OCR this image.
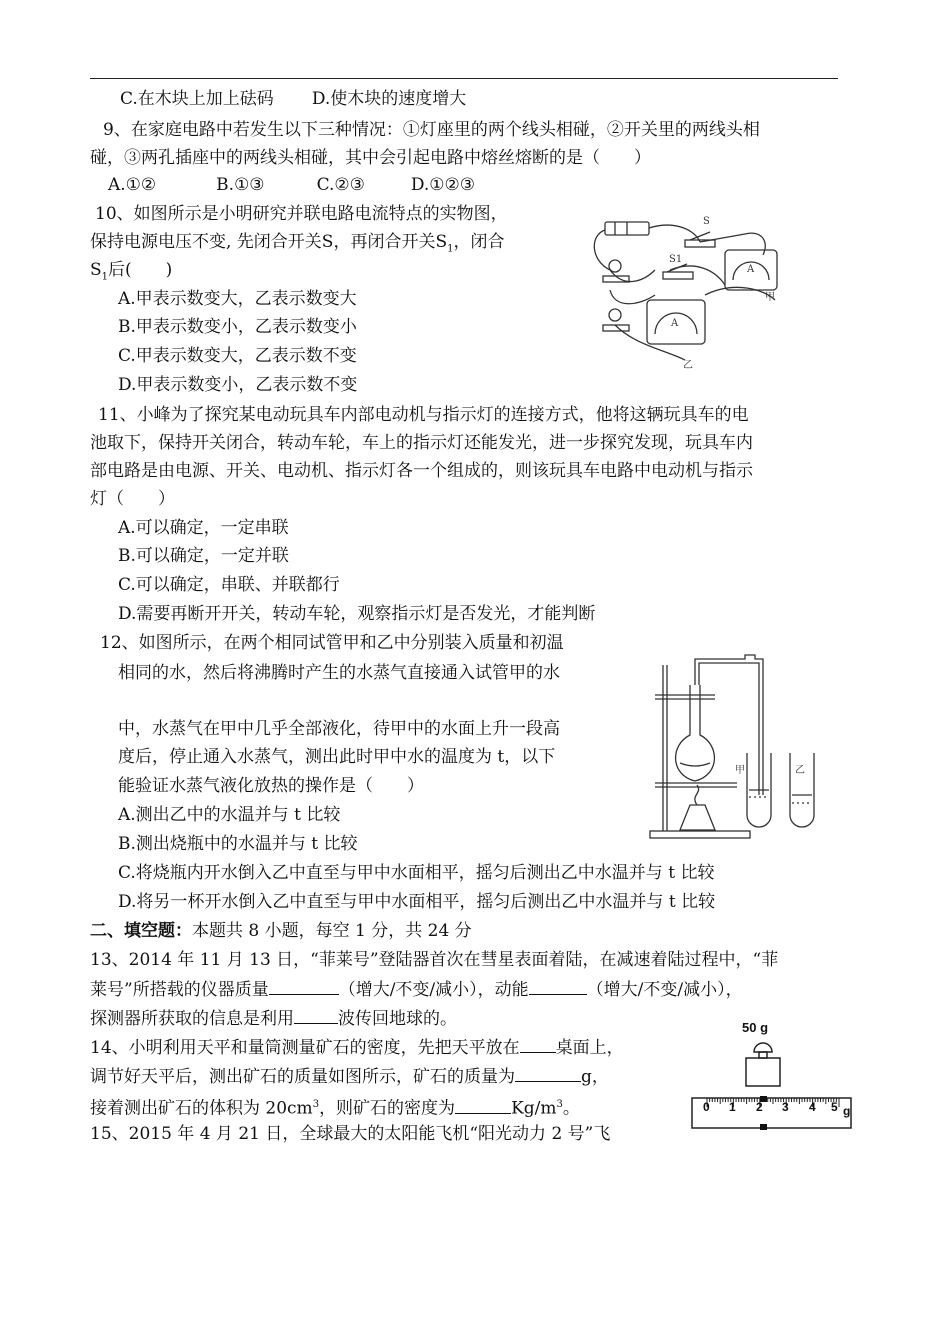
C.在木块上加上砝码 D.使木块的速度增大
9、在家庭电路中若发生以下三种情况：①灯座里的两个线头相碰，②开关里的两线头相
碰，③两孔插座中的两线头相碰，其中会引起电路中熔丝熔断的是（　　）
A.①②	B.①③	C.②③	D.①②③
10、如图所示是小明研究并联电路电流特点的实物图，
保持电源电压不变, 先闭合开关S，再闭合开关$S_1$，闭合
$S_1$后(　　)
A.甲表示数变大，乙表示数变大
B.甲表示数变小，乙表示数变小
C.甲表示数变大，乙表示数不变
D.甲表示数变小，乙表示数不变
S
S1
A
A
甲
乙
11、小峰为了探究某电动玩具车内部电动机与指示灯的连接方式，他将这辆玩具车的电
池取下，保持开关闭合，转动车轮，车上的指示灯还能发光，进一步探究发现，玩具车内
部电路是由电源、开关、电动机、指示灯各一个组成的，则该玩具车电路中电动机与指示
灯（　　）
A.可以确定，一定串联
B.可以确定，一定并联
C.可以确定，串联、并联都行
D.需要再断开开关，转动车轮，观察指示灯是否发光，才能判断
12、如图所示，在两个相同试管甲和乙中分别装入质量和初温
相同的水，然后将沸腾时产生的水蒸气直接通入试管甲的水
中，水蒸气在甲中几乎全部液化，待甲中的水面上升一段高
度后，停止通入水蒸气，测出此时甲中水的温度为 t，以下
能验证水蒸气液化放热的操作是（　　）
A.测出乙中的水温并与 t 比较
B.测出烧瓶中的水温并与 t 比较
C.将烧瓶内开水倒入乙中直至与甲中水面相平，摇匀后测出乙中水温并与 t 比较
D.将另一杯开水倒入乙中直至与甲中水面相平，摇匀后测出乙中水温并与 t 比较
甲	乙
二、填空题：本题共 8 小题，每空 1 分，共 24 分
13、2014 年 11 月 13 日，“菲莱号”登陆器首次在彗星表面着陆，在减速着陆过程中，“菲
莱号”所搭载的仪器质量	（增大/不变/减小），动能	（增大/不变/减小），
探测器所获取的信息是利用	波传回地球的。
14、小明利用天平和量筒测量矿石的密度，先把天平放在 桌面上，
调节好天平后，测出矿石的质量如图所示，矿石的质量为	g，
接着测出矿石的体积为 $20cm^3$，则矿石的密度为	$Kg/m^3$。
50 g
0 1 2 3 4 5 g
15、2015 年 4 月 21 日，全球最大的太阳能飞机“阳光动力 2 号”飞
